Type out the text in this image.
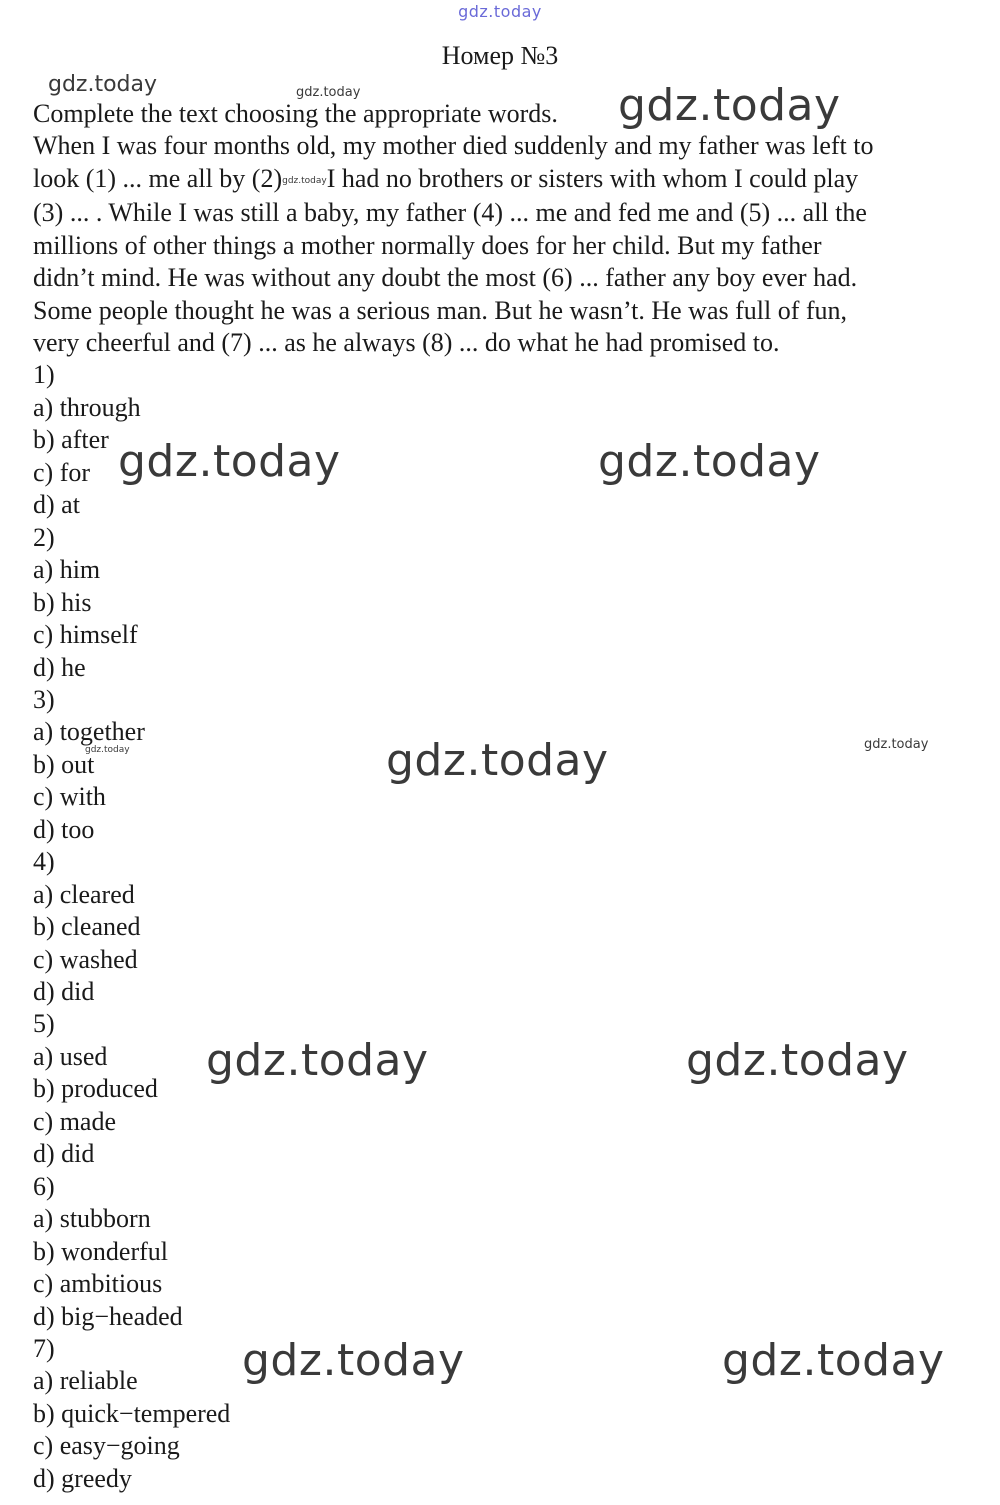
gdz.today
Номер №3
Complete the text choosing the appropriate words.
When I was four months old, my mother died suddenly and my father was left to
look (1) ... me all by (2)gdz.todayI had no brothers or sisters with whom I could play
(3) ... . While I was still a baby, my father (4) ... me and fed me and (5) ... all the
millions of other things a mother normally does for her child. But my father
didn’t mind. He was without any doubt the most (6) ... father any boy ever had.
Some people thought he was a serious man. But he wasn’t. He was full of fun,
very cheerful and (7) ... as he always (8) ... do what he had promised to.
1)
a) through
b) after
c) for
d) at
2)
a) him
b) his
c) himself
d) he
3)
a) together
b) out
c) with
d) too
4)
a) cleared
b) cleaned
c) washed
d) did
5)
a) used
b) produced
c) made
d) did
6)
a) stubborn
b) wonderful
c) ambitious
d) big−headed
7)
a) reliable
b) quick−tempered
c) easy−going
d) greedy
gdz.today	gdz.today	gdz.today
gdz.today	gdz.today
gdz.today	gdz.today	gdz.today
gdz.today	gdz.today
gdz.today	gdz.today
